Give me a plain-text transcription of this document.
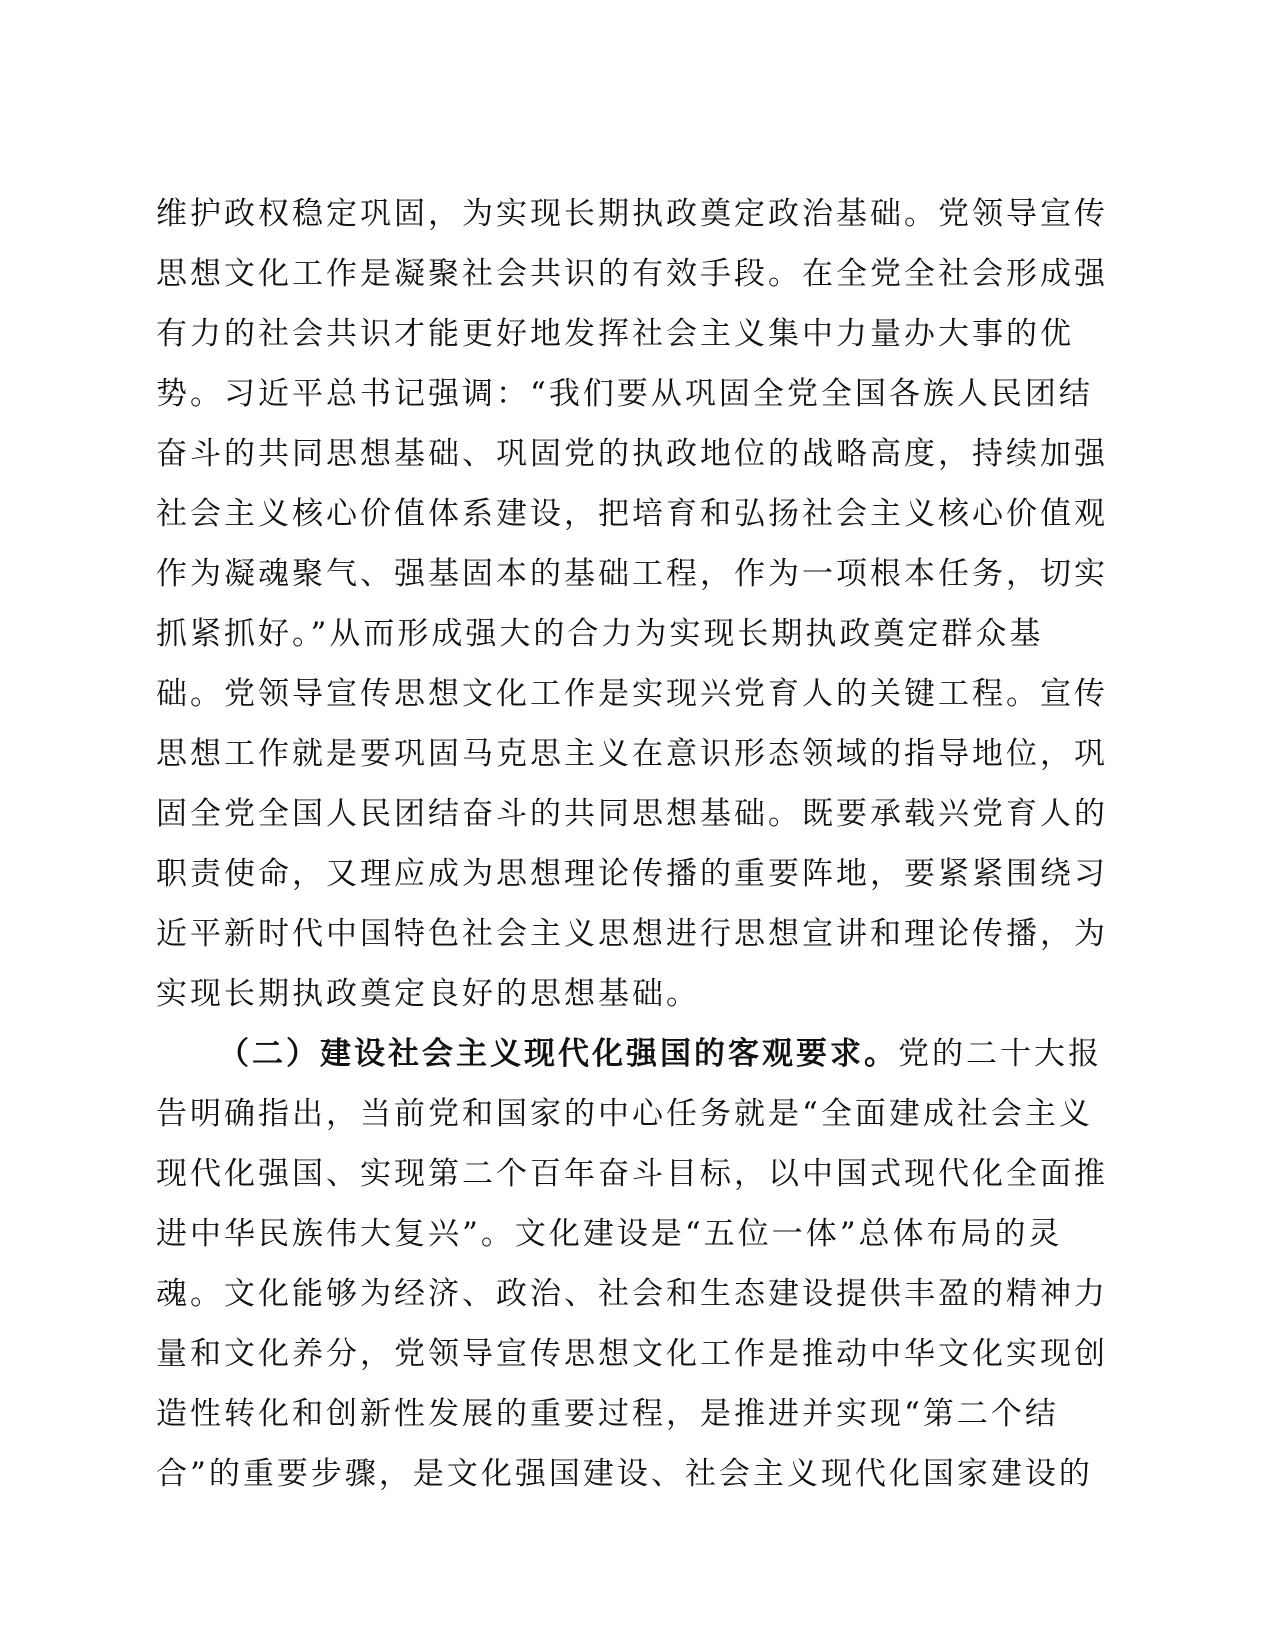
维护政权稳定巩固，为实现长期执政奠定政治基础。党领导宣传
思想文化工作是凝聚社会共识的有效手段。在全党全社会形成强
有力的社会共识才能更好地发挥社会主义集中力量办大事的优
势。习近平总书记强调：“我们要从巩固全党全国各族人民团结
奋斗的共同思想基础、巩固党的执政地位的战略高度，持续加强
社会主义核心价值体系建设，把培育和弘扬社会主义核心价值观
作为凝魂聚气、强基固本的基础工程，作为一项根本任务，切实
抓紧抓好。”从而形成强大的合力为实现长期执政奠定群众基
础。党领导宣传思想文化工作是实现兴党育人的关键工程。宣传
思想工作就是要巩固马克思主义在意识形态领域的指导地位，巩
固全党全国人民团结奋斗的共同思想基础。既要承载兴党育人的
职责使命，又理应成为思想理论传播的重要阵地，要紧紧围绕习
近平新时代中国特色社会主义思想进行思想宣讲和理论传播，为
实现长期执政奠定良好的思想基础。
（二）建设社会主义现代化强国的客观要求。党的二十大报
告明确指出，当前党和国家的中心任务就是“全面建成社会主义
现代化强国、实现第二个百年奋斗目标，以中国式现代化全面推
进中华民族伟大复兴”。文化建设是“五位一体”总体布局的灵
魂。文化能够为经济、政治、社会和生态建设提供丰盈的精神力
量和文化养分，党领导宣传思想文化工作是推动中华文化实现创
造性转化和创新性发展的重要过程，是推进并实现“第二个结
合”的重要步骤，是文化强国建设、社会主义现代化国家建设的
